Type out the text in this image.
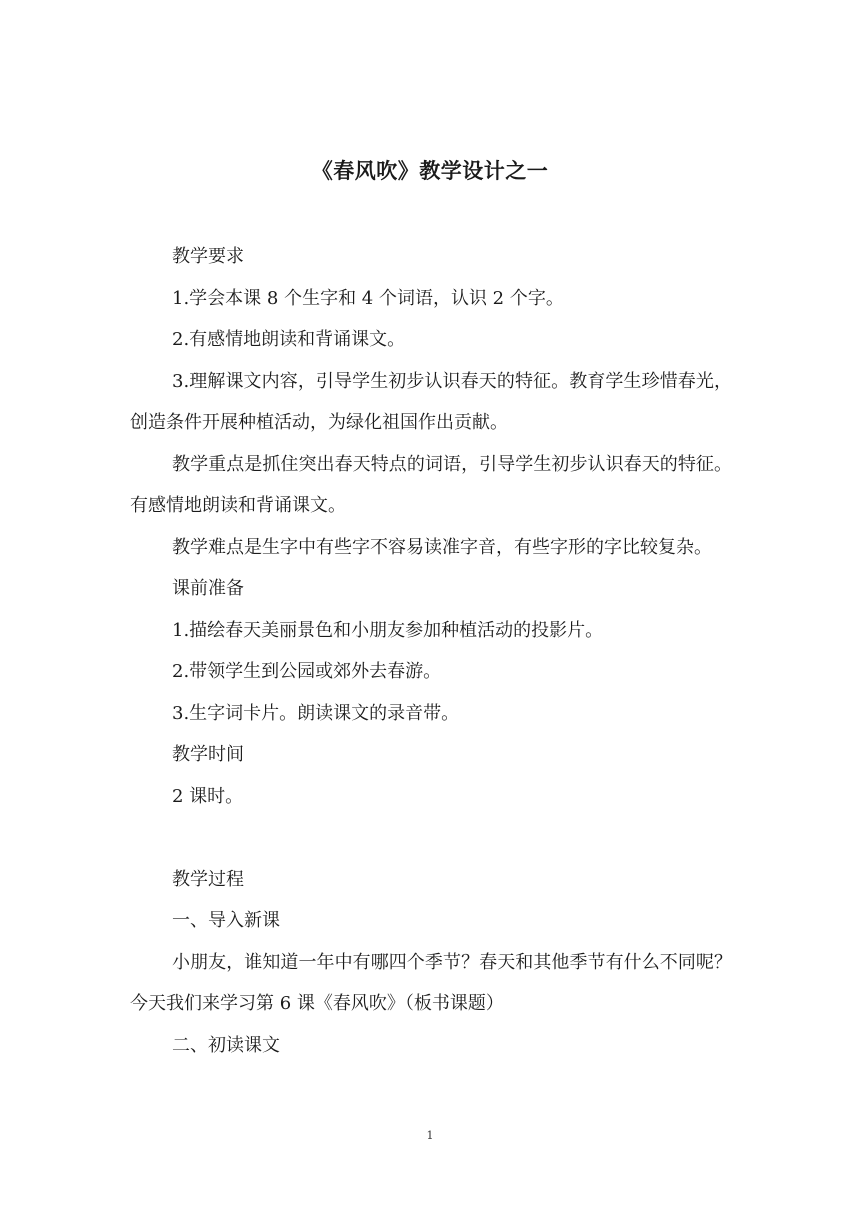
《春风吹》教学设计之一

教学要求

1.学会本课 8 个生字和 4 个词语，认识 2 个字。

2.有感情地朗读和背诵课文。

3.理解课文内容，引导学生初步认识春天的特征。教育学生珍惜春光，创造条件开展种植活动，为绿化祖国作出贡献。

教学重点是抓住突出春天特点的词语，引导学生初步认识春天的特征。有感情地朗读和背诵课文。

教学难点是生字中有些字不容易读准字音，有些字形的字比较复杂。

课前准备

1.描绘春天美丽景色和小朋友参加种植活动的投影片。

2.带领学生到公园或郊外去春游。

3.生字词卡片。朗读课文的录音带。

教学时间

2 课时。

教学过程

一、导入新课

小朋友，谁知道一年中有哪四个季节？春天和其他季节有什么不同呢？今天我们来学习第 6 课《春风吹》（板书课题）

二、初读课文

1
